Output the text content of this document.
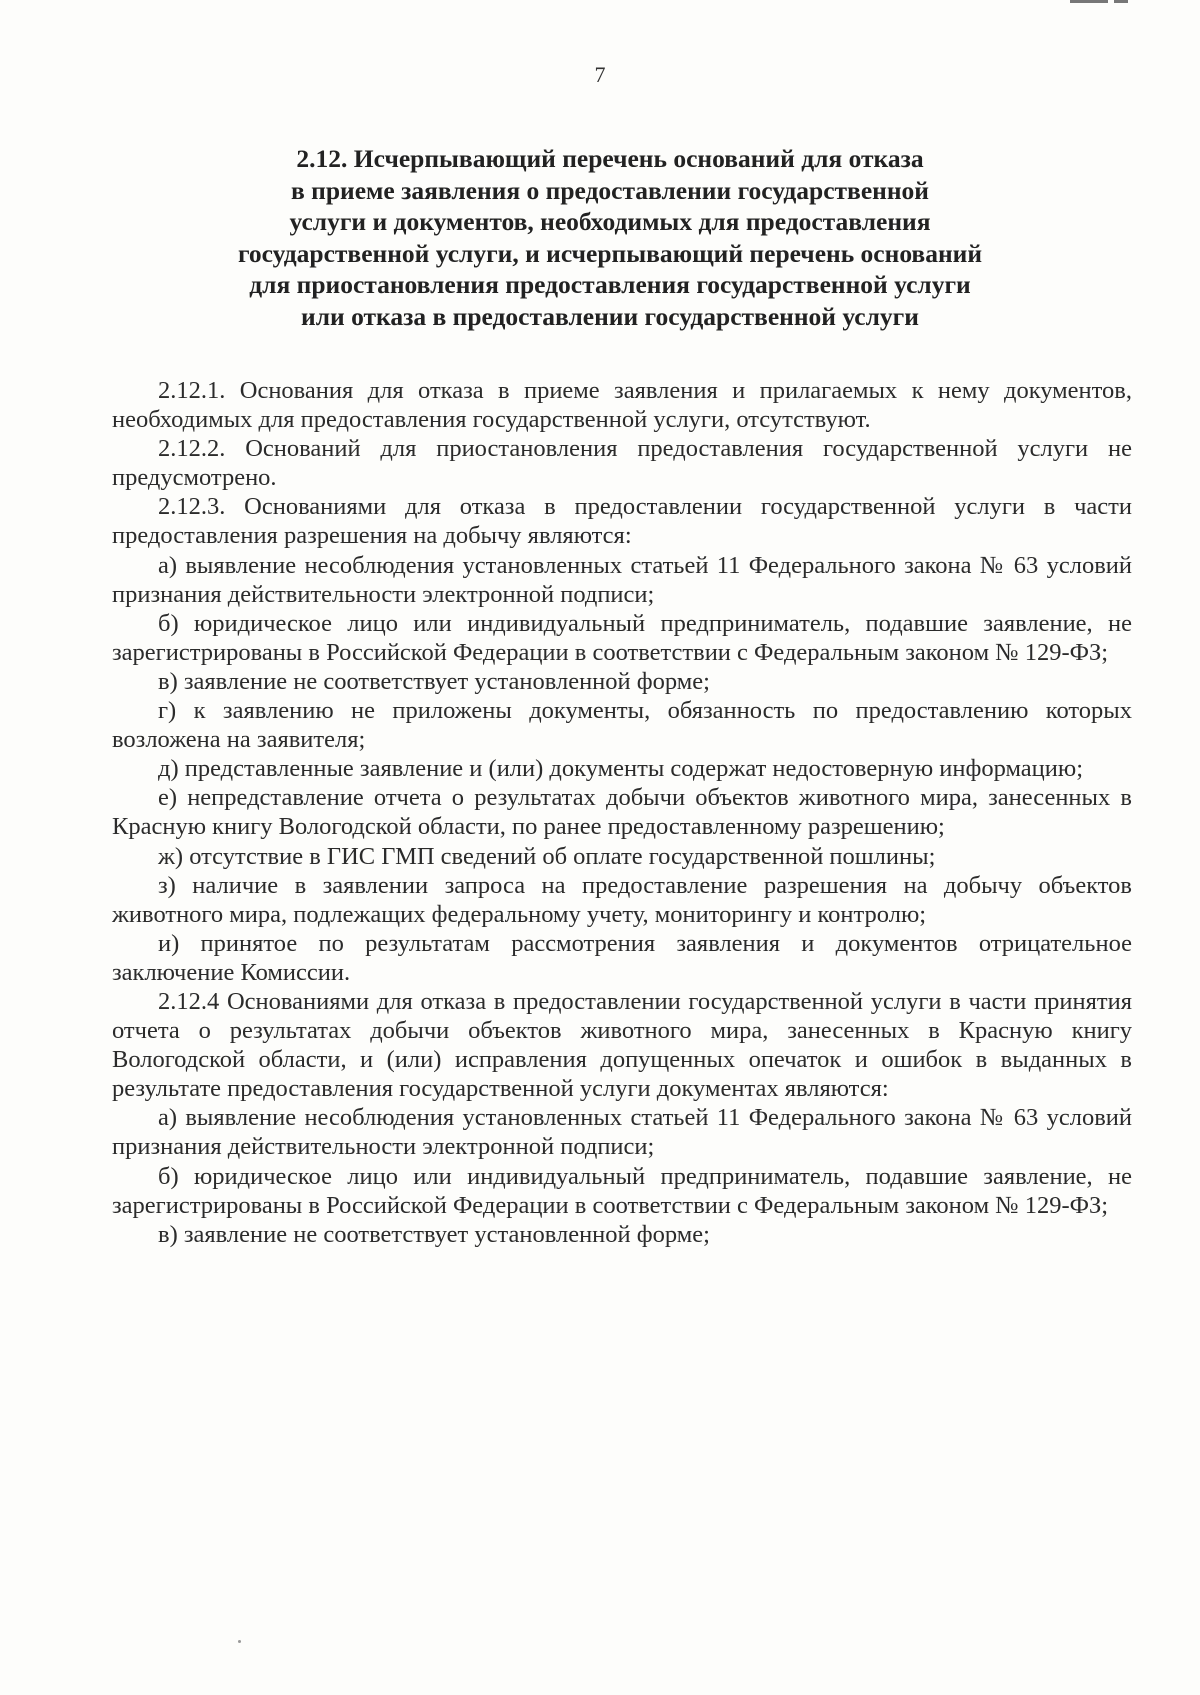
7
2.12. Исчерпывающий перечень оснований для отказа
в приеме заявления о предоставлении государственной
услуги и документов, необходимых для предоставления
государственной услуги, и исчерпывающий перечень оснований
для приостановления предоставления государственной услуги
или отказа в предоставлении государственной услуги

2.12.1. Основания для отказа в приеме заявления и прилагаемых к нему документов, необходимых для предоставления государственной услуги, отсутствуют.

2.12.2. Оснований для приостановления предоставления государственной услуги не предусмотрено.

2.12.3. Основаниями для отказа в предоставлении государственной услуги в части предоставления разрешения на добычу являются:

а) выявление несоблюдения установленных статьей 11 Федерального закона № 63 условий признания действительности электронной подписи;

б) юридическое лицо или индивидуальный предприниматель, подавшие заявление, не зарегистрированы в Российской Федерации в соответствии с Федеральным законом № 129-ФЗ;

в) заявление не соответствует установленной форме;

г) к заявлению не приложены документы, обязанность по предоставлению которых возложена на заявителя;

д) представленные заявление и (или) документы содержат недостоверную информацию;

е) непредставление отчета о результатах добычи объектов животного мира, занесенных в Красную книгу Вологодской области, по ранее предоставленному разрешению;

ж) отсутствие в ГИС ГМП сведений об оплате государственной пошлины;

з) наличие в заявлении запроса на предоставление разрешения на добычу объектов животного мира, подлежащих федеральному учету, мониторингу и контролю;

и) принятое по результатам рассмотрения заявления и документов отрицательное заключение Комиссии.

2.12.4 Основаниями для отказа в предоставлении государственной услуги в части принятия отчета о результатах добычи объектов животного мира, занесенных в Красную книгу Вологодской области, и (или) исправления допущенных опечаток и ошибок в выданных в результате предоставления государственной услуги документах являются:

а) выявление несоблюдения установленных статьей 11 Федерального закона № 63 условий признания действительности электронной подписи;

б) юридическое лицо или индивидуальный предприниматель, подавшие заявление, не зарегистрированы в Российской Федерации в соответствии с Федеральным законом № 129-ФЗ;

в) заявление не соответствует установленной форме;
